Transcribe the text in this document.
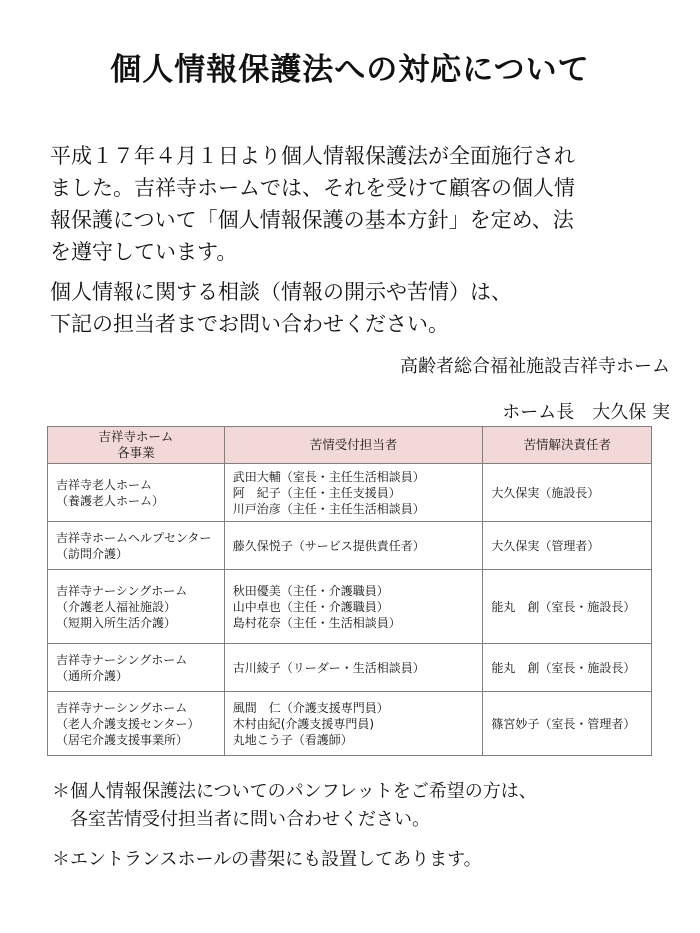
個人情報保護法への対応について

平成１７年４月１日より個人情報保護法が全面施行され
ました。吉祥寺ホームでは、それを受けて顧客の個人情
報保護について「個人情報保護の基本方針」を定め、法
を遵守しています。

個人情報に関する相談（情報の開示や苦情）は、
下記の担当者までお問い合わせください。

高齢者総合福祉施設吉祥寺ホーム
ホーム長　大久保 実
吉祥寺ホーム
各事業	苦情受付担当者	苦情解決責任者

吉祥寺老人ホーム
（養護老人ホーム）	武田大輔（室長・主任生活相談員）
阿　紀子（主任・主任支援員）
川戸治彦（主任・主任生活相談員）	大久保実（施設長）

吉祥寺ホームヘルプセンター
（訪問介護）	藤久保悦子（サービス提供責任者）	大久保実（管理者）

吉祥寺ナーシングホーム
（介護老人福祉施設）
（短期入所生活介護）	秋田優美（主任・介護職員）
山中卓也（主任・介護職員）
島村花奈（主任・生活相談員）	能丸　創（室長・施設長）

吉祥寺ナーシングホーム
（通所介護）	古川綾子（リーダー・生活相談員）	能丸　創（室長・施設長）

吉祥寺ナーシングホーム
（老人介護支援センター）
（居宅介護支援事業所）	風間　仁（介護支援専門員）
木村由紀(介護支援専門員)
丸地こう子（看護師）	篠宮妙子（室長・管理者）
＊個人情報保護法についてのパンフレットをご希望の方は、
　各室苦情受付担当者に問い合わせください。
＊エントランスホールの書架にも設置してあります。
